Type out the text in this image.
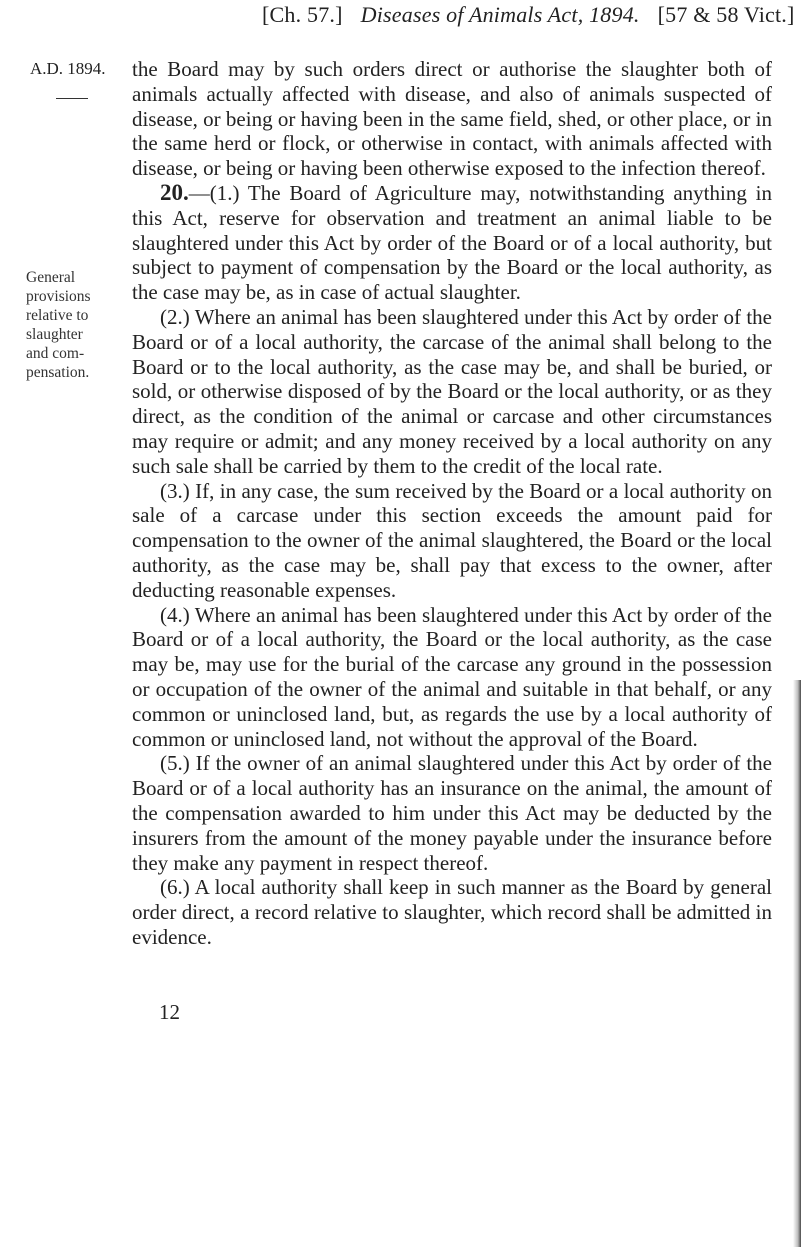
[Ch. 57.] Diseases of Animals Act, 1894. [57 & 58 Vict.]
A.D. 1894.
General
provisions
relative to
slaughter
and com-
pensation.

the Board may by such orders direct or authorise the slaughter both of animals actually affected with disease, and also of animals suspected of disease, or being or having been in the same field, shed, or other place, or in the same herd or flock, or otherwise in contact, with animals affected with disease, or being or having been otherwise exposed to the infection thereof.

20.—(1.) The Board of Agriculture may, notwithstanding anything in this Act, reserve for observation and treatment an animal liable to be slaughtered under this Act by order of the Board or of a local authority, but subject to payment of compensation by the Board or the local authority, as the case may be, as in case of actual slaughter.

(2.) Where an animal has been slaughtered under this Act by order of the Board or of a local authority, the carcase of the animal shall belong to the Board or to the local authority, as the case may be, and shall be buried, or sold, or otherwise disposed of by the Board or the local authority, or as they direct, as the condition of the animal or carcase and other circumstances may require or admit; and any money received by a local authority on any such sale shall be carried by them to the credit of the local rate.

(3.) If, in any case, the sum received by the Board or a local authority on sale of a carcase under this section exceeds the amount paid for compensation to the owner of the animal slaughtered, the Board or the local authority, as the case may be, shall pay that excess to the owner, after deducting reasonable expenses.

(4.) Where an animal has been slaughtered under this Act by order of the Board or of a local authority, the Board or the local authority, as the case may be, may use for the burial of the carcase any ground in the possession or occupation of the owner of the animal and suitable in that behalf, or any common or uninclosed land, but, as regards the use by a local authority of common or uninclosed land, not without the approval of the Board.

(5.) If the owner of an animal slaughtered under this Act by order of the Board or of a local authority has an insurance on the animal, the amount of the compensation awarded to him under this Act may be deducted by the insurers from the amount of the money payable under the insurance before they make any payment in respect thereof.

(6.) A local authority shall keep in such manner as the Board by general order direct, a record relative to slaughter, which record shall be admitted in evidence.

12
